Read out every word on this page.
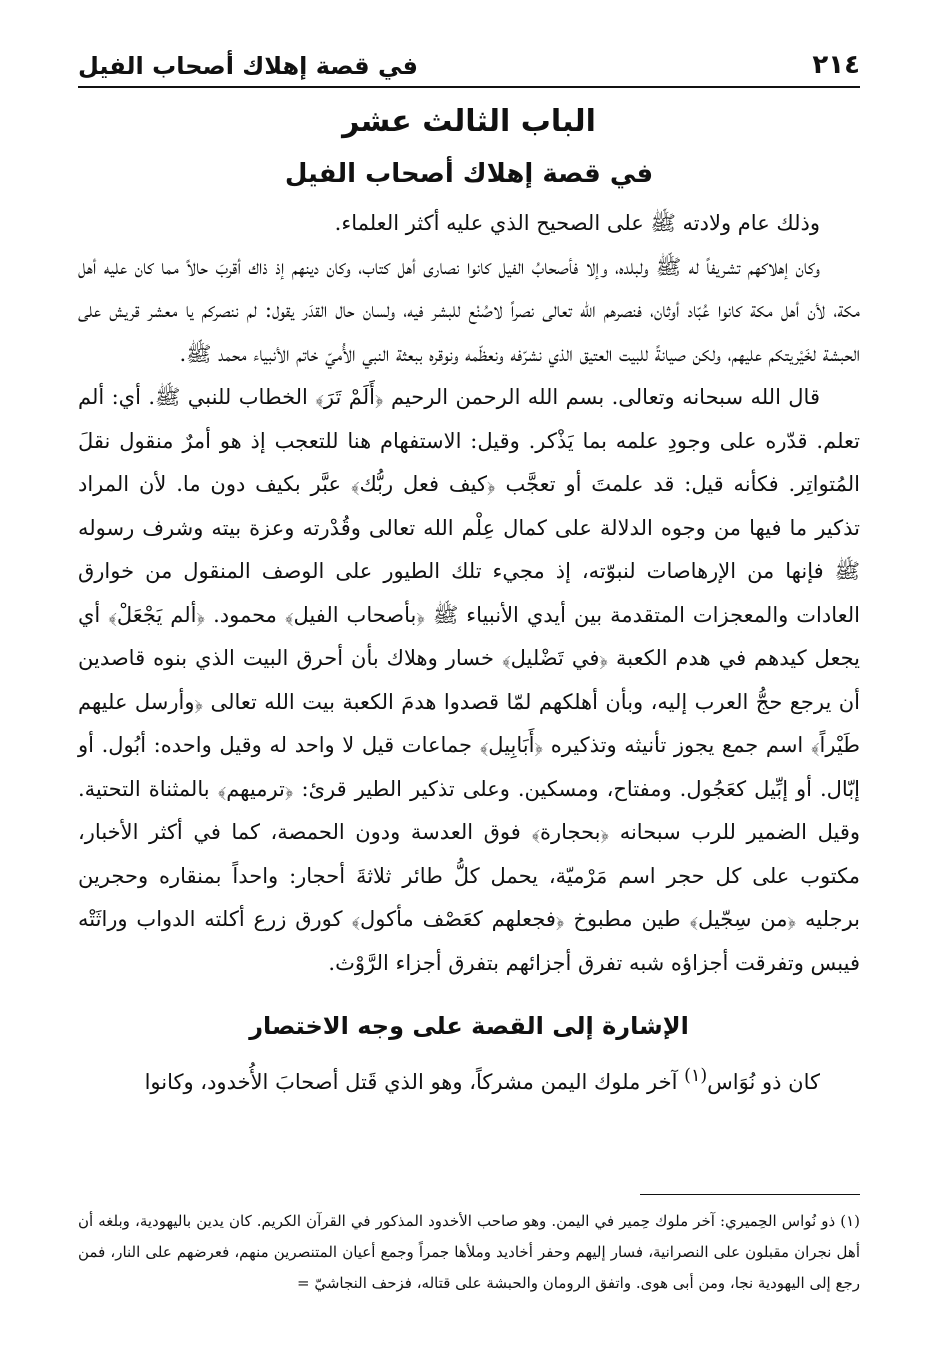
٢١٤
في قصة إهلاك أصحاب الفيل
الباب الثالث عشر
في قصة إهلاك أصحاب الفيل

وذلك عام ولادته ﷺ على الصحيح الذي عليه أكثر العلماء.

وكان إهلاكهم تشريفاً له ﷺ ولبلده، وإلا فأصحابُ الفيل كانوا نصارى أهل كتاب، وكان دينهم إذ ذاك أقربَ حالاً مما كان عليه أهل مكة، لأن أهل مكة كانوا عُبّاد أوثان، فنصرهم الله تعالى نصراً لاصُنْع للبشر فيه، ولسان حال القدَر يقول: لم ننصركم يا معشر قريش على الحبشة لخَيْريتكم عليهم، ولكن صيانةً للبيت العتيق الذي نشرّفه ونعظّمه ونوقره ببعثة النبي الأُميّ خاتم الأنبياء محمد ﷺ.

قال الله سبحانه وتعالى. بسم الله الرحمن الرحيم ﴿أَلَمْ تَرَ﴾ الخطاب للنبي ﷺ. أي: ألم تعلم. قدّره على وجودِ علمه بما يَذْكر. وقيل: الاستفهام هنا للتعجب إذ هو أمرٌ منقول نقلَ المُتواتِر. فكأنه قيل: قد علمتَ أو تعجَّب ﴿كيف فعل ربُّك﴾ عبَّر بكيف دون ما. لأن المراد تذكير ما فيها من وجوه الدلالة على كمال عِلْم الله تعالى وقُدْرته وعزة بيته وشرف رسوله ﷺ فإنها من الإرهاصات لنبوّته، إذ مجيء تلك الطيور على الوصف المنقول من خوارق العادات والمعجزات المتقدمة بين أيدي الأنبياء ﷺ ﴿بأصحاب الفيل﴾ محمود. ﴿ألم يَجْعَلْ﴾ أي يجعل كيدهم في هدم الكعبة ﴿في تَضْليل﴾ خسار وهلاك بأن أحرق البيت الذي بنوه قاصدين أن يرجع حجُّ العرب إليه، وبأن أهلكهم لمّا قصدوا هدمَ الكعبة بيت الله تعالى ﴿وأرسل عليهم طَيْراً﴾ اسم جمع يجوز تأنيثه وتذكيره ﴿أَبَابِيل﴾ جماعات قيل لا واحد له وقيل واحده: أبُول. أو إبّال. أو إبِّيل كعَجُول. ومفتاح، ومسكين. وعلى تذكير الطير قرئ: ﴿ترميهم﴾ بالمثناة التحتية. وقيل الضمير للرب سبحانه ﴿بحجارة﴾ فوق العدسة ودون الحمصة، كما في أكثر الأخبار، مكتوب على كل حجر اسم مَرْميّة، يحمل كلُّ طائر ثلاثةَ أحجار: واحداً بمنقاره وحجرين برجليه ﴿من سِجّيل﴾ طين مطبوخ ﴿فجعلهم كعَصْف مأكول﴾ كورق زرع أكلته الدواب وراثَتْه فيبس وتفرقت أجزاؤه شبه تفرق أجزائهم بتفرق أجزاء الرَّوْث.

الإشارة إلى القصة على وجه الاختصار

كان ذو نُوَاس$^{(١)}$ آخر ملوك اليمن مشركاً، وهو الذي قَتل أصحابَ الأُخدود، وكانوا

(١) ذو نُواس الحِميري: آخر ملوك حِمير في اليمن. وهو صاحب الأخدود المذكور في القرآن الكريم. كان يدين باليهودية، وبلغه أن أهل نجران مقبلون على النصرانية، فسار إليهم وحفر أخاديد وملأها جمراً وجمع أعيان المتنصرين منهم، فعرضهم على النار، فمن رجع إلى اليهودية نجا، ومن أبى هوى. واتفق الرومان والحبشة على قتاله، فزحف النجاشيّ =
